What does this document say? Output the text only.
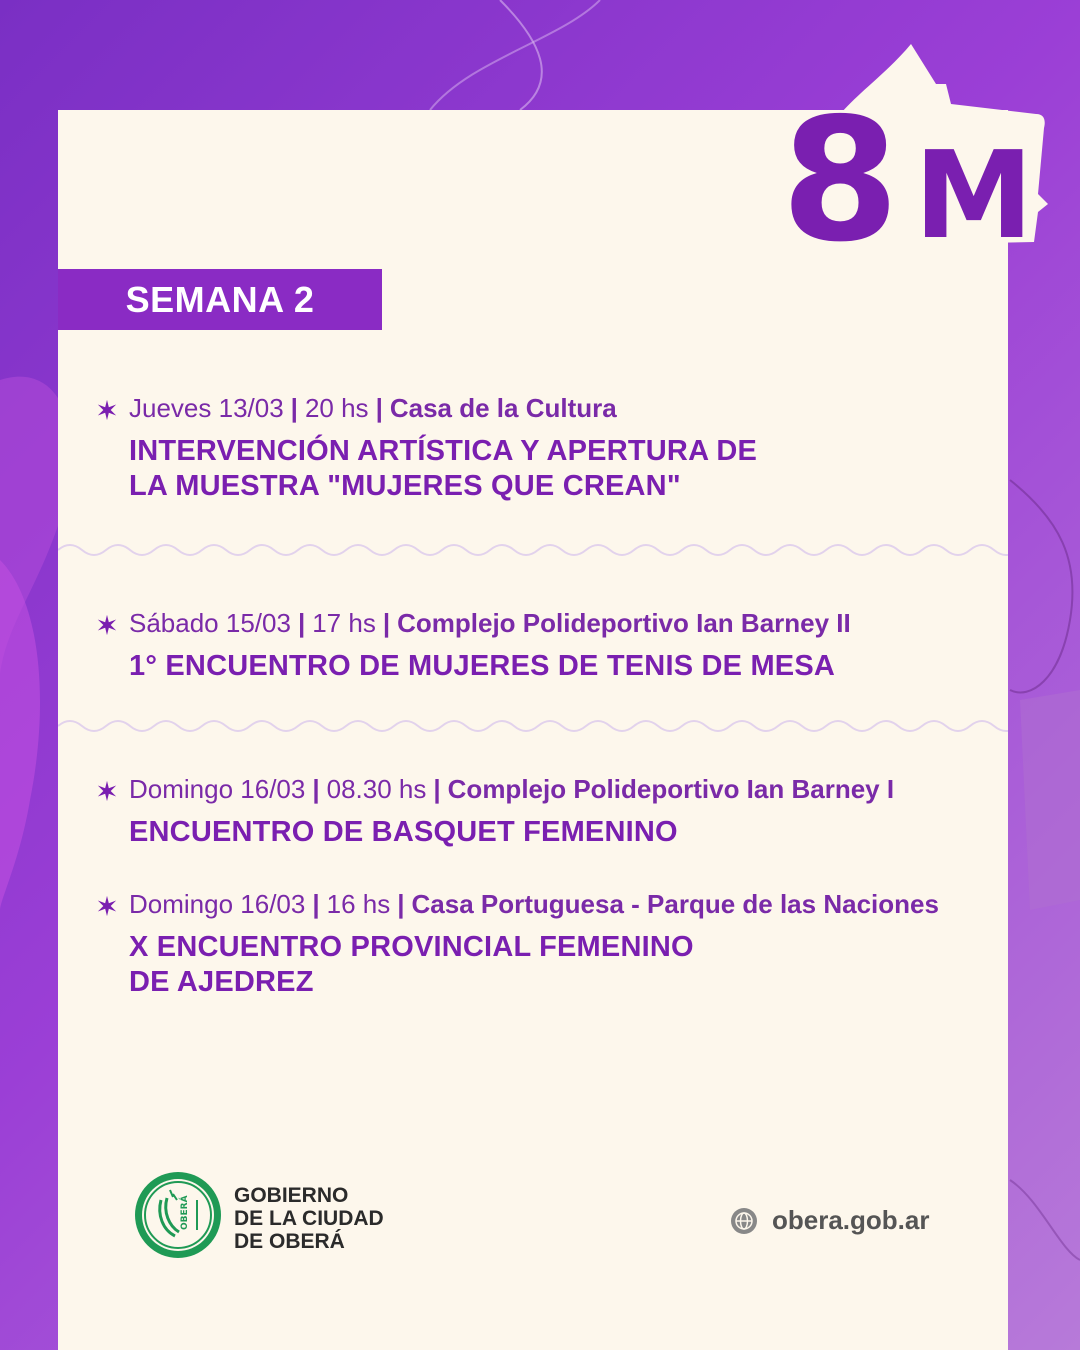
8 M
SEMANA 2
Jueves 13/03 | 20 hs | Casa de la Cultura
INTERVENCIÓN ARTÍSTICA Y APERTURA DE
LA MUESTRA "MUJERES QUE CREAN"
Sábado 15/03 | 17 hs | Complejo Polideportivo Ian Barney II
1° ENCUENTRO DE MUJERES DE TENIS DE MESA
Domingo 16/03 | 08.30 hs | Complejo Polideportivo Ian Barney I
ENCUENTRO DE BASQUET FEMENINO
Domingo 16/03 | 16 hs | Casa Portuguesa - Parque de las Naciones
X ENCUENTRO PROVINCIAL FEMENINO
DE AJEDREZ
OBERÁ GOBIERNO
DE LA CIUDAD
DE OBERÁ
obera.gob.ar
